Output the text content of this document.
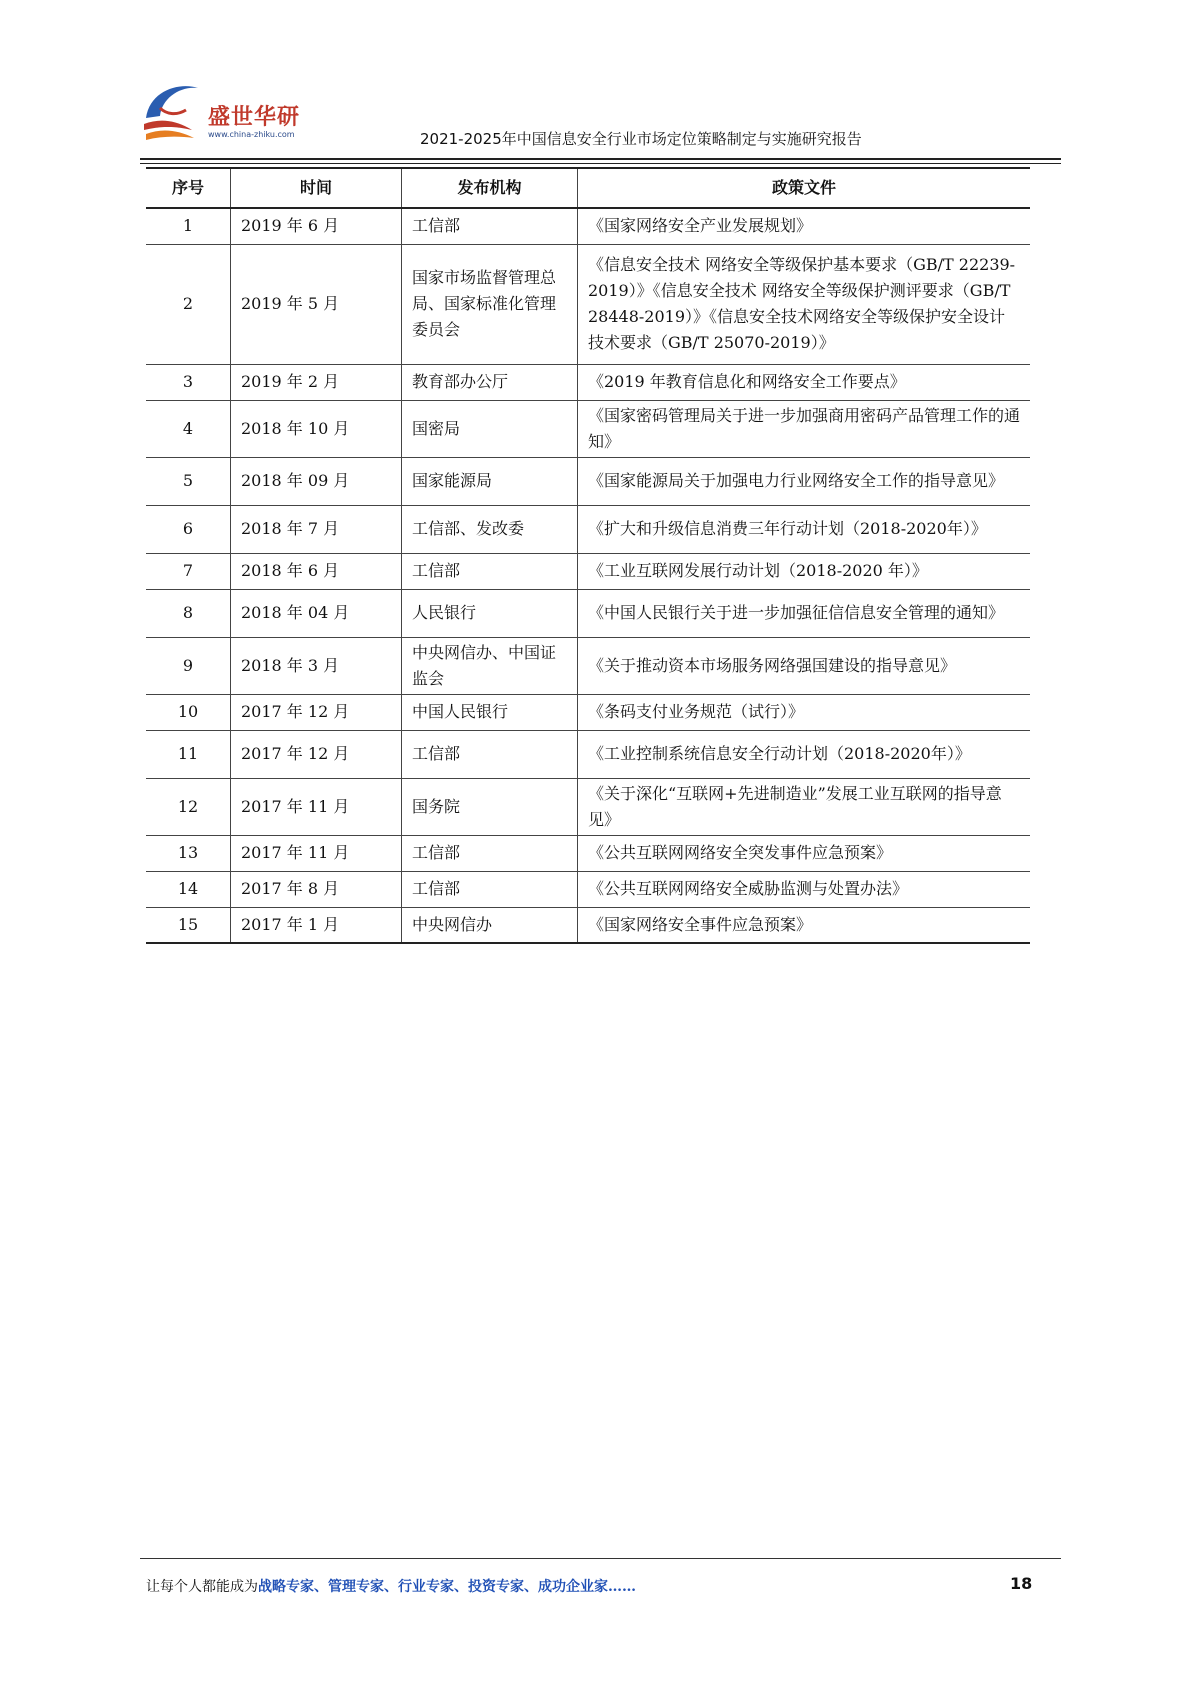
盛世华研
www.china-zhiku.com	2021-2025年中国信息安全行业市场定位策略制定与实施研究报告
序号	时间	发布机构	政策文件
1	2019 年 6 月	工信部	《国家网络安全产业发展规划》
2	2019 年 5 月	国家市场监督管理总局、国家标准化管理委员会	《信息安全技术 网络安全等级保护基本要求（GB/T 22239-2019）》《信息安全技术 网络安全等级保护测评要求（GB/T 28448-2019）》《信息安全技术网络安全等级保护安全设计技术要求（GB/T 25070-2019）》
3	2019 年 2 月	教育部办公厅	《2019 年教育信息化和网络安全工作要点》
4	2018 年 10 月	国密局	《国家密码管理局关于进一步加强商用密码产品管理工作的通知》
5	2018 年 09 月	国家能源局	《国家能源局关于加强电力行业网络安全工作的指导意见》
6	2018 年 7 月	工信部、发改委	《扩大和升级信息消费三年行动计划（2018-2020年）》
7	2018 年 6 月	工信部	《工业互联网发展行动计划（2018-2020 年）》
8	2018 年 04 月	人民银行	《中国人民银行关于进一步加强征信信息安全管理的通知》
9	2018 年 3 月	中央网信办、中国证监会	《关于推动资本市场服务网络强国建设的指导意见》
10	2017 年 12 月	中国人民银行	《条码支付业务规范（试行）》
11	2017 年 12 月	工信部	《工业控制系统信息安全行动计划（2018-2020年）》
12	2017 年 11 月	国务院	《关于深化“互联网+先进制造业”发展工业互联网的指导意见》
13	2017 年 11 月	工信部	《公共互联网网络安全突发事件应急预案》
14	2017 年 8 月	工信部	《公共互联网网络安全威胁监测与处置办法》
15	2017 年 1 月	中央网信办	《国家网络安全事件应急预案》
让每个人都能成为战略专家、管理专家、行业专家、投资专家、成功企业家……	18
